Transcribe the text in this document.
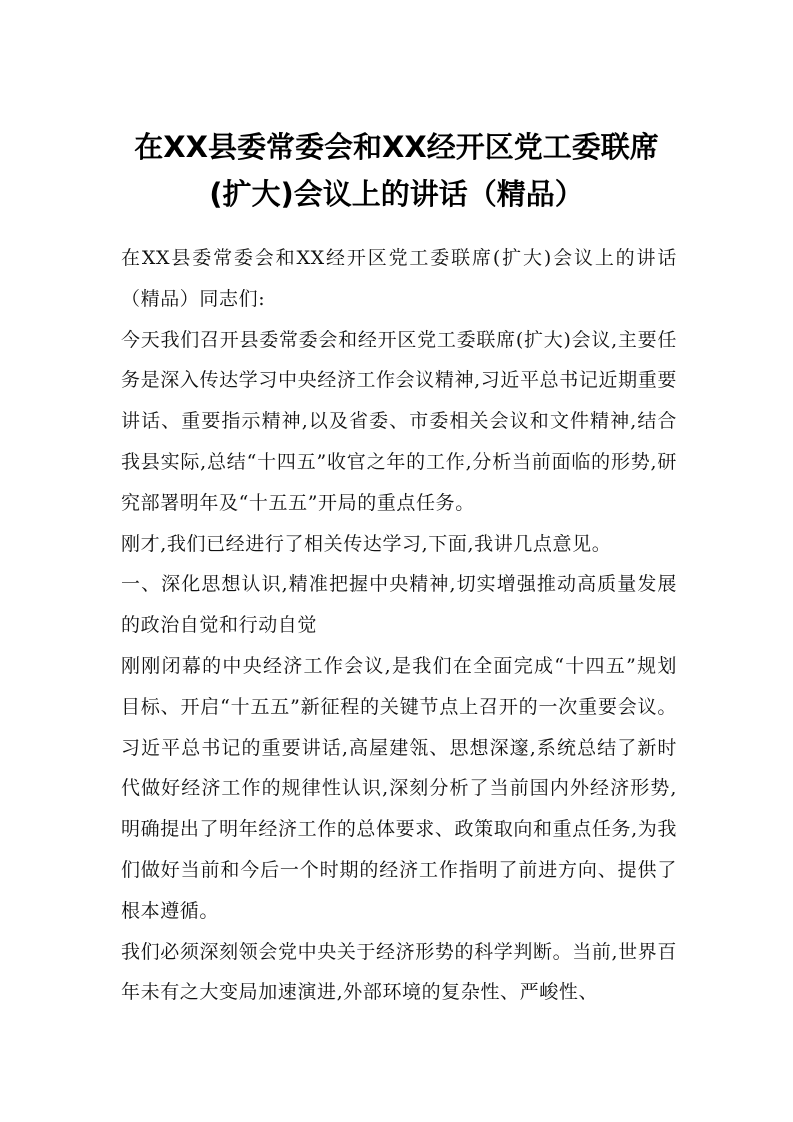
在XX县委常委会和XX经开区党工委联席
(扩大)会议上的讲话（精品）

在XX县委常委会和XX经开区党工委联席(扩大)会议上的讲话（精品）同志们:

今天我们召开县委常委会和经开区党工委联席(扩大)会议,主要任务是深入传达学习中央经济工作会议精神,习近平总书记近期重要讲话、重要指示精神,以及省委、市委相关会议和文件精神,结合我县实际,总结“十四五”收官之年的工作,分析当前面临的形势,研究部署明年及“十五五”开局的重点任务。

刚才,我们已经进行了相关传达学习,下面,我讲几点意见。

一、深化思想认识,精准把握中央精神,切实增强推动高质量发展的政治自觉和行动自觉

刚刚闭幕的中央经济工作会议,是我们在全面完成“十四五”规划目标、开启“十五五”新征程的关键节点上召开的一次重要会议。习近平总书记的重要讲话,高屋建瓴、思想深邃,系统总结了新时代做好经济工作的规律性认识,深刻分析了当前国内外经济形势,明确提出了明年经济工作的总体要求、政策取向和重点任务,为我们做好当前和今后一个时期的经济工作指明了前进方向、提供了根本遵循。

我们必须深刻领会党中央关于经济形势的科学判断。当前,世界百年未有之大变局加速演进,外部环境的复杂性、严峻性、
